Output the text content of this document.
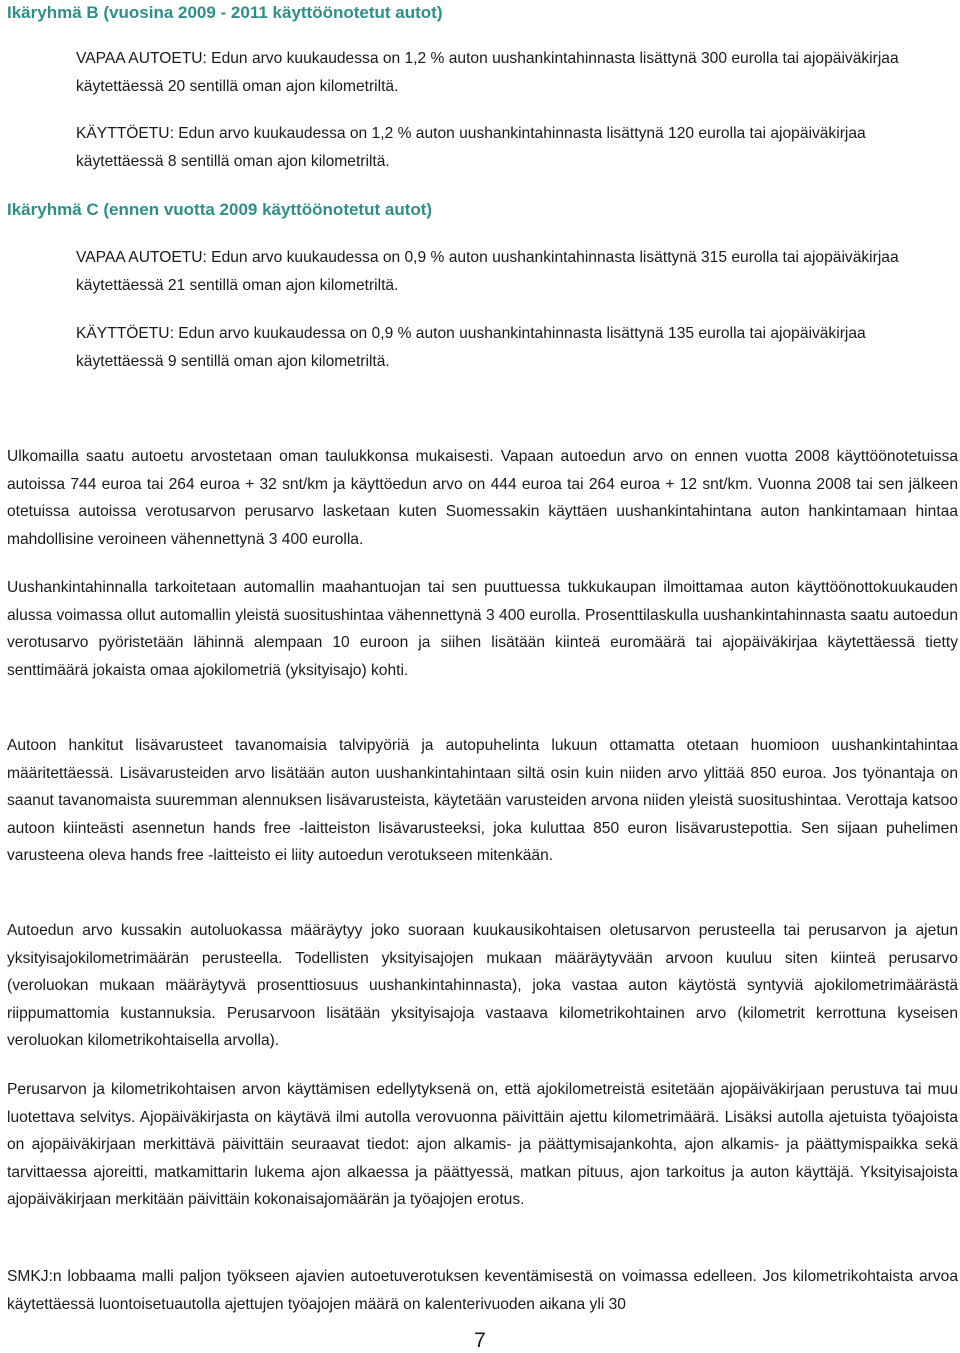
Ikäryhmä B (vuosina 2009 - 2011 käyttöönotetut autot)

VAPAA AUTOETU: Edun arvo kuukaudessa on 1,2 % auton uushankintahinnasta lisättynä 300 eurolla tai ajopäiväkirjaa käytettäessä 20 sentillä oman ajon kilometriltä.

KÄYTTÖETU: Edun arvo kuukaudessa on 1,2 % auton uushankintahinnasta lisättynä 120 eurolla tai ajopäiväkirjaa käytettäessä 8 sentillä oman ajon kilometriltä.

Ikäryhmä C (ennen vuotta 2009 käyttöönotetut autot)

VAPAA AUTOETU: Edun arvo kuukaudessa on 0,9 % auton uushankintahinnasta lisättynä 315 eurolla tai ajopäiväkirjaa käytettäessä 21 sentillä oman ajon kilometriltä.

KÄYTTÖETU: Edun arvo kuukaudessa on 0,9 % auton uushankintahinnasta lisättynä 135 eurolla tai ajopäiväkirjaa käytettäessä 9 sentillä oman ajon kilometriltä.

Ulkomailla saatu autoetu arvostetaan oman taulukkonsa mukaisesti. Vapaan autoedun arvo on ennen vuotta 2008 käyttöönotetuissa autoissa 744 euroa tai 264 euroa + 32 snt/km ja käyttöedun arvo on 444 euroa tai 264 euroa + 12 snt/km. Vuonna 2008 tai sen jälkeen otetuissa autoissa verotusarvon perusarvo lasketaan kuten Suomessakin käyttäen uushankintahintana auton hankintamaan hintaa mahdollisine veroineen vähennettynä 3 400 eurolla.

Uushankintahinnalla tarkoitetaan automallin maahantuojan tai sen puuttuessa tukkukaupan ilmoittamaa auton käyttöönottokuukauden alussa voimassa ollut automallin yleistä suositushintaa vähennettynä 3 400 eurolla. Prosenttilaskulla uushankintahinnasta saatu autoedun verotusarvo pyöristetään lähinnä alempaan 10 euroon ja siihen lisätään kiinteä euromäärä tai ajopäiväkirjaa käytettäessä tietty senttimäärä jokaista omaa ajokilometriä (yksityisajo) kohti.

Autoon hankitut lisävarusteet tavanomaisia talvipyöriä ja autopuhelinta lukuun ottamatta otetaan huomioon uushankintahintaa määritettäessä. Lisävarusteiden arvo lisätään auton uushankintahintaan siltä osin kuin niiden arvo ylittää 850 euroa. Jos työnantaja on saanut tavanomaista suuremman alennuksen lisävarusteista, käytetään varusteiden arvona niiden yleistä suositushintaa. Verottaja katsoo autoon kiinteästi asennetun hands free -laitteiston lisävarusteeksi, joka kuluttaa 850 euron lisävarustepottia. Sen sijaan puhelimen varusteena oleva hands free -laitteisto ei liity autoedun verotukseen mitenkään.

Autoedun arvo kussakin autoluokassa määräytyy joko suoraan kuukausikohtaisen oletusarvon perusteella tai perusarvon ja ajetun yksityisajokilometrimäärän perusteella. Todellisten yksityisajojen mukaan määräytyvään arvoon kuuluu siten kiinteä perusarvo (veroluokan mukaan määräytyvä prosenttiosuus uushankintahinnasta), joka vastaa auton käytöstä syntyviä ajokilometrimäärästä riippumattomia kustannuksia. Perusarvoon lisätään yksityisajoja vastaava kilometrikohtainen arvo (kilometrit kerrottuna kyseisen veroluokan kilometrikohtaisella arvolla).

Perusarvon ja kilometrikohtaisen arvon käyttämisen edellytyksenä on, että ajokilometreistä esitetään ajopäiväkirjaan perustuva tai muu luotettava selvitys. Ajopäiväkirjasta on käytävä ilmi autolla verovuonna päivittäin ajettu kilometrimäärä. Lisäksi autolla ajetuista työajoista on ajopäiväkirjaan merkittävä päivittäin seuraavat tiedot: ajon alkamis- ja päättymisajankohta, ajon alkamis- ja päättymispaikka sekä tarvittaessa ajoreitti, matkamittarin lukema ajon alkaessa ja päättyessä, matkan pituus, ajon tarkoitus ja auton käyttäjä. Yksityisajoista ajopäiväkirjaan merkitään päivittäin kokonaisajomäärän ja työajojen erotus.

SMKJ:n lobbaama malli paljon työkseen ajavien autoetuverotuksen keventämisestä on voimassa edelleen. Jos kilometrikohtaista arvoa käytettäessä luontoisetuautolla ajettujen työajojen määrä on kalenterivuoden aikana yli 30

7
